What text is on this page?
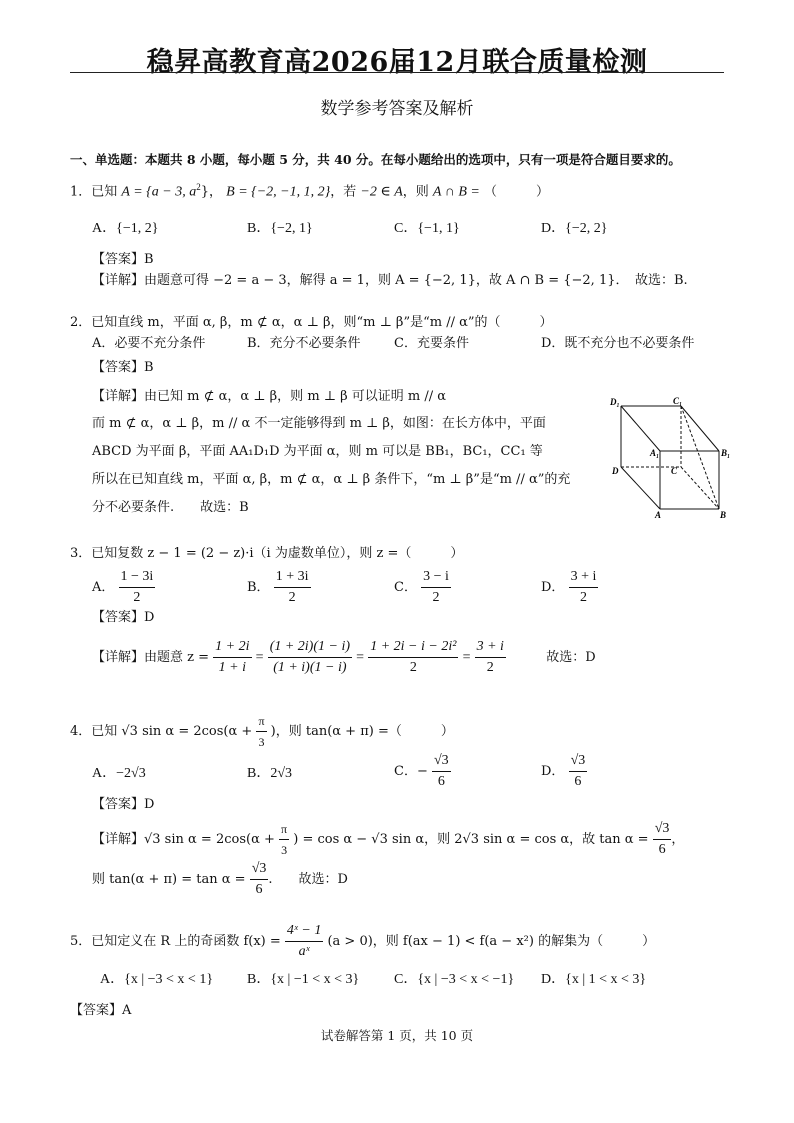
稳昇高教育高2026届12月联合质量检测
数学参考答案及解析
一、单选题：本题共 8 小题，每小题 5 分，共 40 分。在每小题给出的选项中，只有一项是符合题目要求的。
1．已知 A = {a − 3, $a^2$}， B = {−2, −1, 1, 2}，若 −2 ∈ A，则 A ∩ B = （　　　）
A．{−1, 2}	B．{−2, 1}	C．{−1, 1}	D．{−2, 2}
【答案】B
【详解】由题意可得 −2 = a − 3，解得 a = 1，则 A = {−2, 1}，故 A ∩ B = {−2, 1}．　故选：B.
2．已知直线 m，平面 α, β，m ⊄ α，α ⊥ β，则“m ⊥ β”是“m // α”的（　　　）
A．必要不充分条件	B．充分不必要条件	C．充要条件	D．既不充分也不必要条件
【答案】B
【详解】由已知 m ⊄ α，α ⊥ β，则 m ⊥ β 可以证明 m // α
而 m ⊄ α，α ⊥ β，m // α 不一定能够得到 m ⊥ β，如图：在长方体中，平面
ABCD 为平面 β，平面 AA₁D₁D 为平面 α，则 m 可以是 BB₁，BC₁，CC₁ 等
所以在已知直线 m，平面 α, β，m ⊄ α，α ⊥ β 条件下，“m ⊥ β”是“m // α”的充
分不必要条件.　　故选：B
D₁	C₁
A₁	B₁
D	C
A	B
3．已知复数 z − 1 = (2 − z)·i（i 为虚数单位），则 z =（　　　）
A． $\frac{1 - 3i}{2}$	B． $\frac{1 + 3i}{2}$	C． $\frac{3 - i}{2}$	D． $\frac{3 + i}{2}$
【答案】D
【详解】由题意 $z = \frac{1 + 2i}{1 + i} = \frac{(1 + 2i)(1 - i)}{(1 + i)(1 - i)} = \frac{\text{1 + 2i − i − 2i²}}{2} = \frac{3 + i}{2}$	故选：D
4．已知 √3 $\sin \alpha = 2\cos(\alpha + \frac{\pi}{3}$ )，则 tan(α + π) =（　　　）
A．−2√3	B．2√3	C．− $\frac{√3}{6}$	D． $\frac{√3}{6}$
【答案】D
【详解】√3 $\sin \alpha = 2\cos(\alpha + \frac{\pi}{3}$ ) = cos α − √3 sin α，则 2√3 sin α = cos α，故 $\tan \alpha = \frac{√3}{6}$ ，
则 $\tan(\alpha + \pi) = \tan \alpha = \frac{√3}{6}$ .　　故选：D
5．已知定义在 R 上的奇函数 $f(x) = \frac{\text{4ˣ − 1}}{\text{aˣ}} (a > 0)$，则 f(ax − 1) < f(a − x²) 的解集为（　　　）
A．{x | −3 < x < 1} B．{x | −1 < x < 3} C．{x | −3 < x < −1} D．{x | 1 < x < 3}
【答案】A
试卷解答第 1 页，共 10 页
